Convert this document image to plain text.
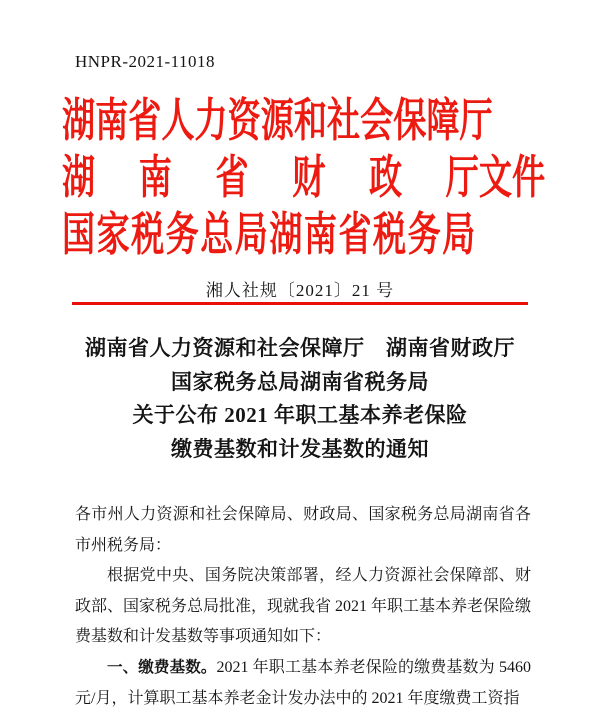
HNPR-2021-11018
湖南省人力资源和社会保障厅
湖 南 省 财 政 厅文件
国家税务总局湖南省税务局
湘人社规〔2021〕21 号
湖南省人力资源和社会保障厅　湖南省财政厅
国家税务总局湖南省税务局
关于公布 2021 年职工基本养老保险
缴费基数和计发基数的通知

各市州人力资源和社会保障局、财政局、国家税务总局湖南省各市州税务局：

根据党中央、国务院决策部署，经人力资源社会保障部、财政部、国家税务总局批准，现就我省 2021 年职工基本养老保险缴费基数和计发基数等事项通知如下：

一、缴费基数。2021 年职工基本养老保险的缴费基数为 5460 元/月，计算职工基本养老金计发办法中的 2021 年度缴费工资指
